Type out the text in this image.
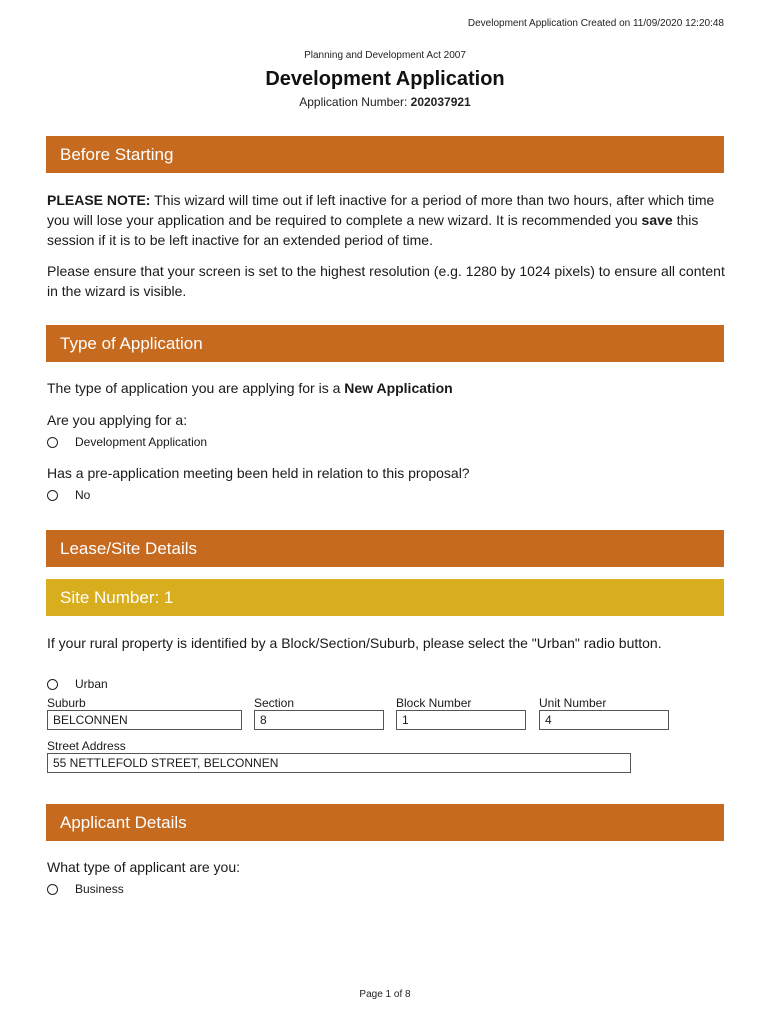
Development Application Created on 11/09/2020 12:20:48
Planning and Development Act 2007
Development Application
Application Number: 202037921
Before Starting
PLEASE NOTE: This wizard will time out if left inactive for a period of more than two hours, after which time you will lose your application and be required to complete a new wizard. It is recommended you save this session if it is to be left inactive for an extended period of time.
Please ensure that your screen is set to the highest resolution (e.g. 1280 by 1024 pixels) to ensure all content in the wizard is visible.
Type of Application
The type of application you are applying for is a New Application
Are you applying for a:
Development Application
Has a pre-application meeting been held in relation to this proposal?
No
Lease/Site Details
Site Number: 1
If your rural property is identified by a Block/Section/Suburb, please select the "Urban" radio button.
Urban
Suburb
BELCONNEN
Section
8
Block Number
1
Unit Number
4
Street Address
55 NETTLEFOLD STREET, BELCONNEN
Applicant Details
What type of applicant are you:
Business
Page 1 of 8
